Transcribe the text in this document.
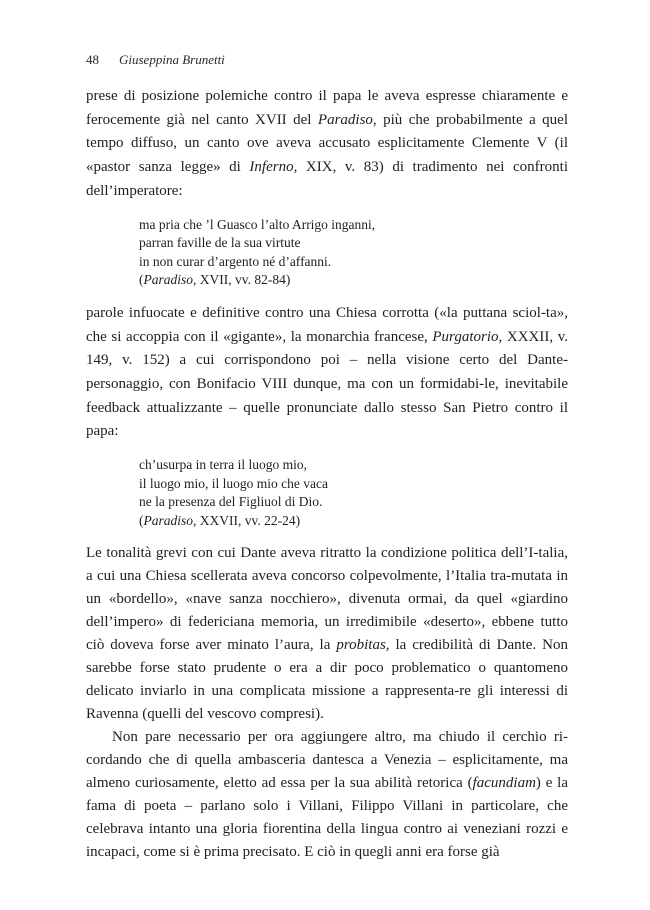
48 Giuseppina Brunetti

prese di posizione polemiche contro il papa le aveva espresse chiaramente e ferocemente già nel canto XVII del Paradiso, più che probabilmente a quel tempo diffuso, un canto ove aveva accusato esplicitamente Clemente V (il «pastor sanza legge» di Inferno, XIX, v. 83) di tradimento nei confronti dell’imperatore:

ma pria che ’l Guasco l’alto Arrigo inganni,
parran faville de la sua virtute
in non curar d’argento né d’affanni.
(Paradiso, XVII, vv. 82-84)

parole infuocate e definitive contro una Chiesa corrotta («la puttana sciol-ta», che si accoppia con il «gigante», la monarchia francese, Purgatorio, XXXII, v. 149, v. 152) a cui corrispondono poi – nella visione certo del Dante-personaggio, con Bonifacio VIII dunque, ma con un formidabi-le, inevitabile feedback attualizzante – quelle pronunciate dallo stesso San Pietro contro il papa:

ch’usurpa in terra il luogo mio,
il luogo mio, il luogo mio che vaca
ne la presenza del Figliuol di Dio.
(Paradiso, XXVII, vv. 22-24)

Le tonalità grevi con cui Dante aveva ritratto la condizione politica dell’I-talia, a cui una Chiesa scellerata aveva concorso colpevolmente, l’Italia tra-mutata in un «bordello», «nave sanza nocchiero», divenuta ormai, da quel «giardino dell’impero» di federiciana memoria, un irredimibile «deserto», ebbene tutto ciò doveva forse aver minato l’aura, la probitas, la credibilità di Dante. Non sarebbe forse stato prudente o era a dir poco problematico o quantomeno delicato inviarlo in una complicata missione a rappresenta-re gli interessi di Ravenna (quelli del vescovo compresi).

Non pare necessario per ora aggiungere altro, ma chiudo il cerchio ri-cordando che di quella ambasceria dantesca a Venezia – esplicitamente, ma almeno curiosamente, eletto ad essa per la sua abilità retorica (facundiam) e la fama di poeta – parlano solo i Villani, Filippo Villani in particolare, che celebrava intanto una gloria fiorentina della lingua contro ai veneziani rozzi e incapaci, come si è prima precisato. E ciò in quegli anni era forse già
